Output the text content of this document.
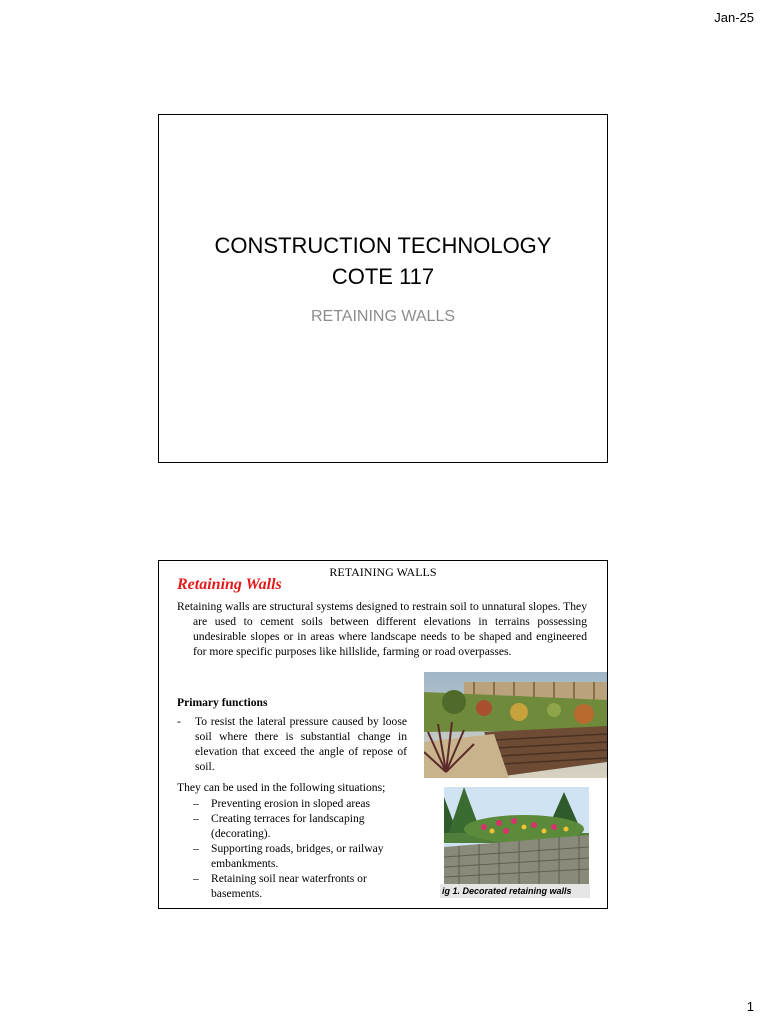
Jan-25
CONSTRUCTION TECHNOLOGY
COTE 117
RETAINING WALLS
RETAINING WALLS
Retaining Walls

Retaining walls are structural systems designed to restrain soil to unnatural slopes. They are used to cement soils between different elevations in terrains possessing undesirable slopes or in areas where landscape needs to be shaped and engineered for more specific purposes like hillslide, farming or road overpasses.

Primary functions

-	To resist the lateral pressure caused by loose soil where there is substantial change in elevation that exceed the angle of repose of soil.

They can be used in the following situations;

– Preventing erosion in sloped areas
– Creating terraces for landscaping (decorating).
– Supporting roads, bridges, or railway embankments.
– Retaining soil near waterfronts or basements.	ig 1. Decorated retaining walls
1
